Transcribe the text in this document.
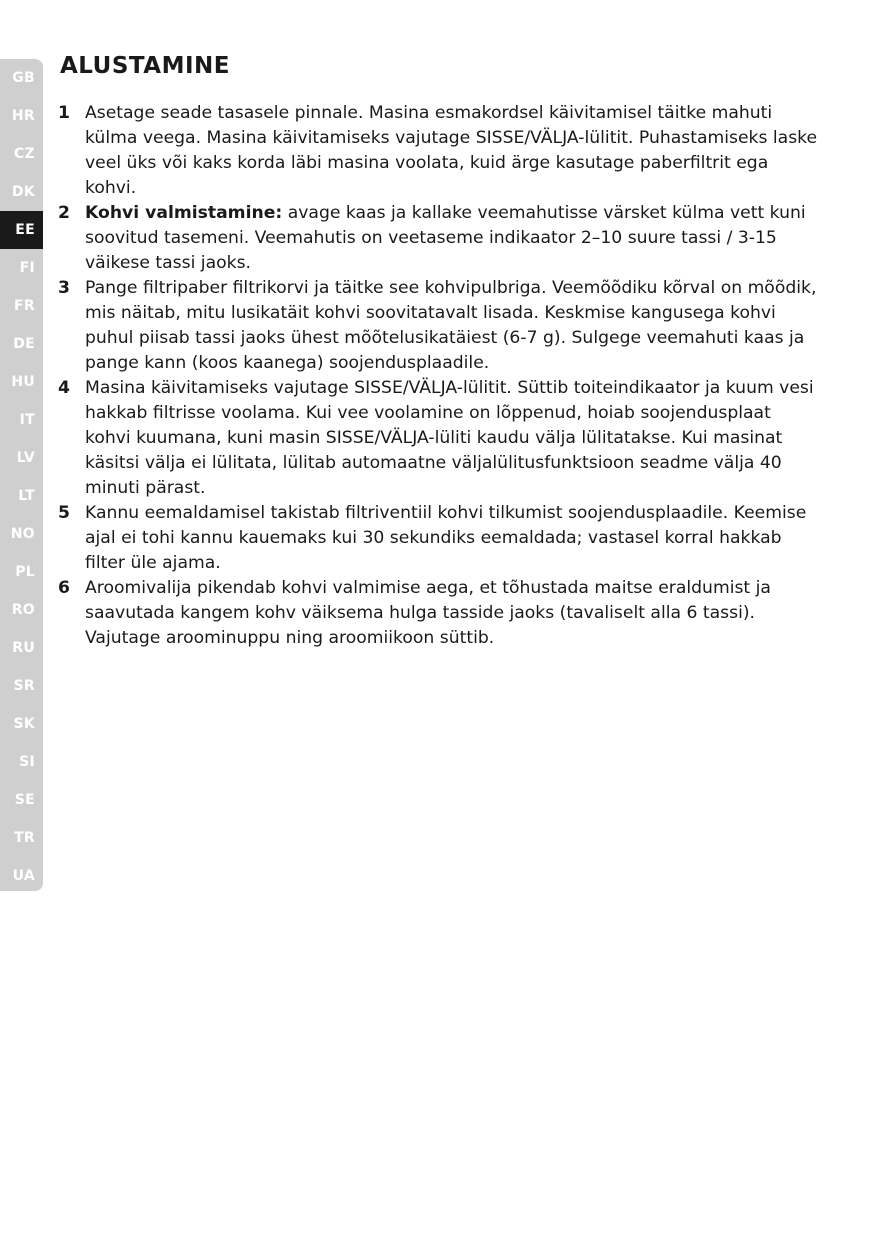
GB
HR
CZ
DK
EE
FI
FR
DE
HU
IT
LV
LT
NO
PL
RO
RU
SR
SK
SI
SE
TR
UA
ALUSTAMINE
1 Asetage seade tasasele pinnale. Masina esmakordsel käivitamisel täitke mahuti külma veega. Masina käivitamiseks vajutage SISSE/VÄLJA-lülitit. Puhastamiseks laske veel üks või kaks korda läbi masina voolata, kuid ärge kasutage paberfiltrit ega kohvi.
2 Kohvi valmistamine: avage kaas ja kallake veemahutisse värsket külma vett kuni soovitud tasemeni. Veemahutis on veetaseme indikaator 2–10 suure tassi / 3-15 väikese tassi jaoks.
3 Pange filtripaber filtrikorvi ja täitke see kohvipulbriga. Veemõõdiku kõrval on mõõdik, mis näitab, mitu lusikatäit kohvi soovitatavalt lisada. Keskmise kangusega kohvi puhul piisab tassi jaoks ühest mõõtelusikatäiest (6-7 g). Sulgege veemahuti kaas ja pange kann (koos kaanega) soojendusplaadile.
4 Masina käivitamiseks vajutage SISSE/VÄLJA-lülitit. Süttib toiteindikaator ja kuum vesi hakkab filtrisse voolama. Kui vee voolamine on lõppenud, hoiab soojendusplaat kohvi kuumana, kuni masin SISSE/VÄLJA-lüliti kaudu välja lülitatakse. Kui masinat käsitsi välja ei lülitata, lülitab automaatne väljalülitusfunktsioon seadme välja 40 minuti pärast.
5 Kannu eemaldamisel takistab filtriventiil kohvi tilkumist soojendusplaadile. Keemise ajal ei tohi kannu kauemaks kui 30 sekundiks eemaldada; vastasel korral hakkab filter üle ajama.
6 Aroomivalija pikendab kohvi valmimise aega, et tõhustada maitse eraldumist ja saavutada kangem kohv väiksema hulga tasside jaoks (tavaliselt alla 6 tassi). Vajutage aroominuppu ning aroomiikoon süttib.
